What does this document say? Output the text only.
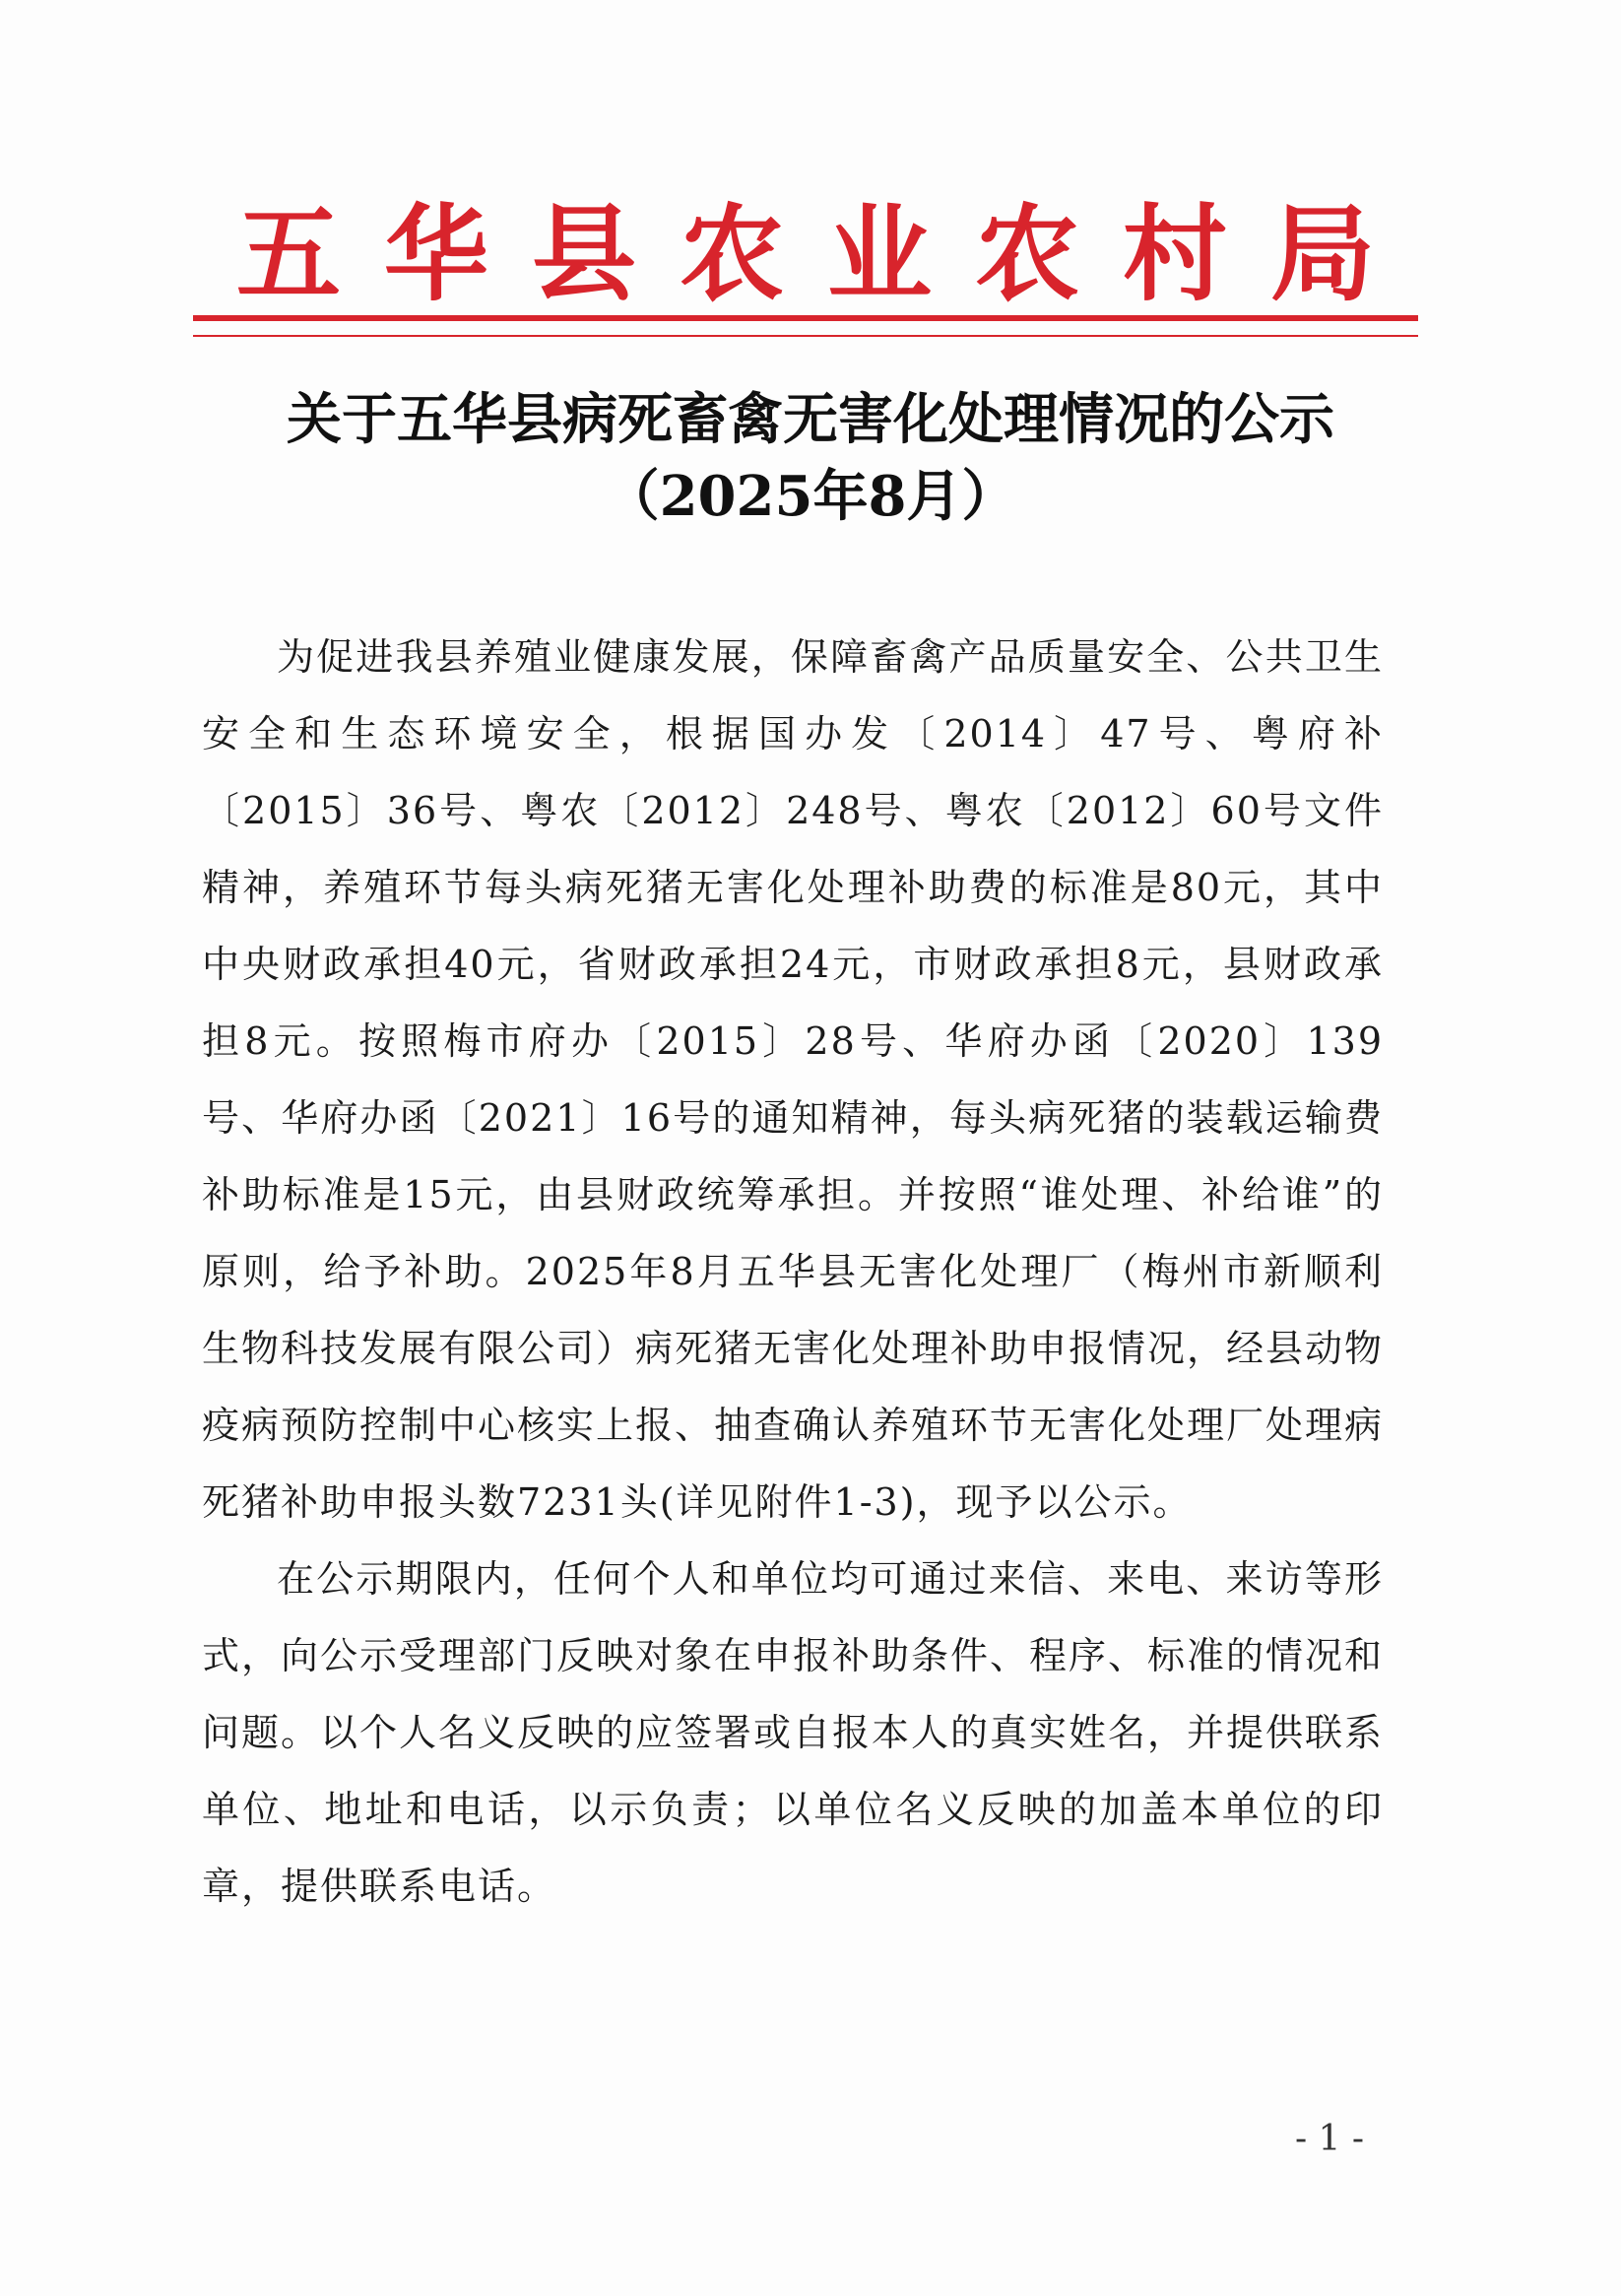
五华县农业农村局
关于五华县病死畜禽无害化处理情况的公示
（2025年8月）

为促进我县养殖业健康发展，保障畜禽产品质量安全、公共卫生安全和生态环境安全，根据国办发〔2014〕47号、粤府补〔2015〕36号、粤农〔2012〕248号、粤农〔2012〕60号文件精神，养殖环节每头病死猪无害化处理补助费的标准是80元，其中中央财政承担40元，省财政承担24元，市财政承担8元，县财政承担8元。按照梅市府办〔2015〕28号、华府办函〔2020〕139号、华府办函〔2021〕16号的通知精神，每头病死猪的装载运输费补助标准是15元，由县财政统筹承担。并按照“谁处理、补给谁”的原则，给予补助。2025年8月五华县无害化处理厂（梅州市新顺利生物科技发展有限公司）病死猪无害化处理补助申报情况，经县动物疫病预防控制中心核实上报、抽查确认养殖环节无害化处理厂处理病死猪补助申报头数7231头(详见附件1-3)，现予以公示。

在公示期限内，任何个人和单位均可通过来信、来电、来访等形式，向公示受理部门反映对象在申报补助条件、程序、标准的情况和问题。以个人名义反映的应签署或自报本人的真实姓名，并提供联系单位、地址和电话，以示负责；以单位名义反映的加盖本单位的印章，提供联系电话。

- 1 -
